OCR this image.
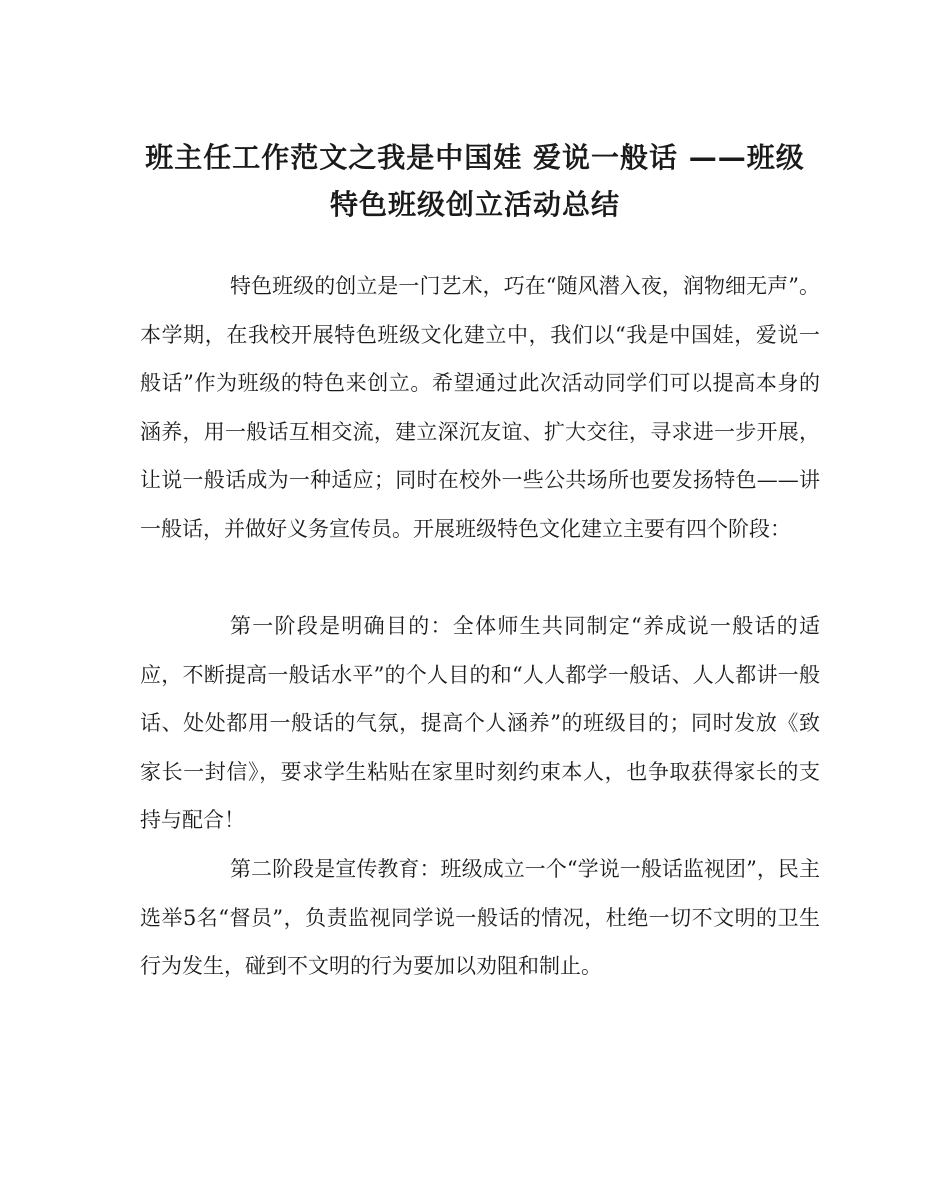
班主任工作范文之我是中国娃 爱说一般话 ——班级
特色班级创立活动总结

特色班级的创立是一门艺术，巧在“随风潜入夜，润物细无声”。本学期，在我校开展特色班级文化建立中，我们以“我是中国娃，爱说一般话”作为班级的特色来创立。希望通过此次活动同学们可以提高本身的涵养，用一般话互相交流，建立深沉友谊、扩大交往，寻求进一步开展，让说一般话成为一种适应；同时在校外一些公共场所也要发扬特色——讲一般话，并做好义务宣传员。开展班级特色文化建立主要有四个阶段：

第一阶段是明确目的：全体师生共同制定“养成说一般话的适应，不断提高一般话水平”的个人目的和“人人都学一般话、人人都讲一般话、处处都用一般话的气氛，提高个人涵养”的班级目的；同时发放《致家长一封信》，要求学生粘贴在家里时刻约束本人，也争取获得家长的支持与配合！

第二阶段是宣传教育：班级成立一个“学说一般话监视团”，民主选举5名“督员”，负责监视同学说一般话的情况，杜绝一切不文明的卫生行为发生，碰到不文明的行为要加以劝阻和制止。
